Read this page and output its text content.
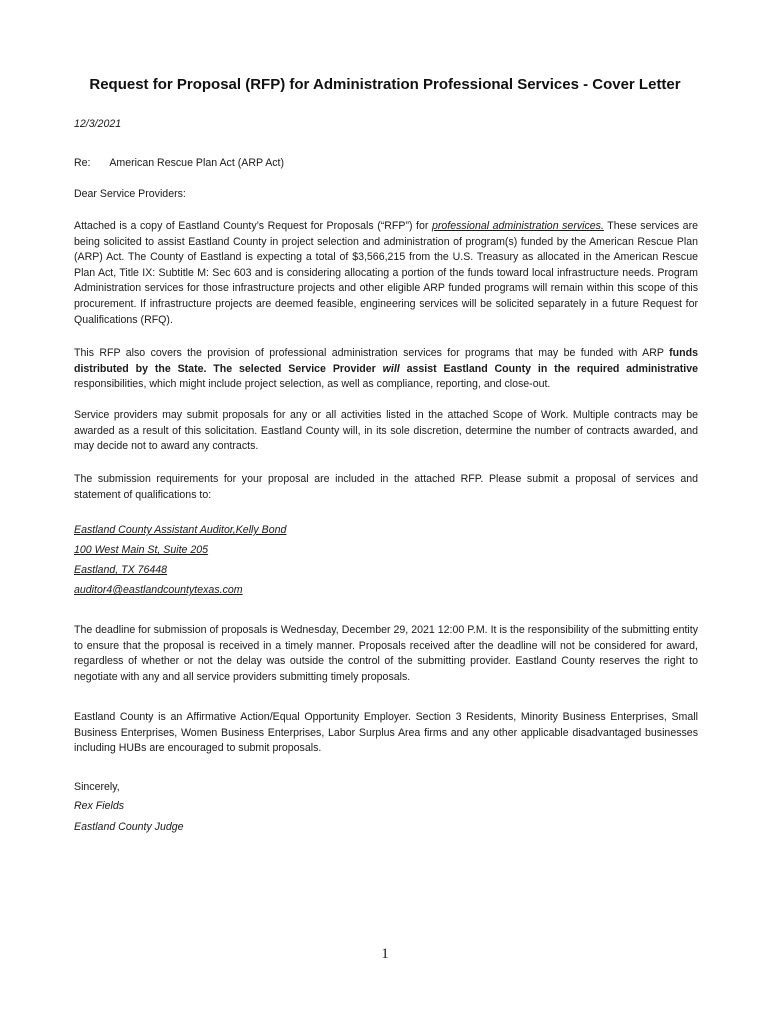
Request for Proposal (RFP) for Administration Professional Services - Cover Letter
12/3/2021
Re: American Rescue Plan Act (ARP Act)
Dear Service Providers:

Attached is a copy of Eastland County’s Request for Proposals (“RFP”) for professional administration services. These services are being solicited to assist Eastland County in project selection and administration of program(s) funded by the American Rescue Plan (ARP) Act. The County of Eastland is expecting a total of $3,566,215 from the U.S. Treasury as allocated in the American Rescue Plan Act, Title IX: Subtitle M: Sec 603 and is considering allocating a portion of the funds toward local infrastructure needs. Program Administration services for those infrastructure projects and other eligible ARP funded programs will remain within this scope of this procurement. If infrastructure projects are deemed feasible, engineering services will be solicited separately in a future Request for Qualifications (RFQ).

This RFP also covers the provision of professional administration services for programs that may be funded with ARP funds distributed by the State. The selected Service Provider will assist Eastland County in the required administrative responsibilities, which might include project selection, as well as compliance, reporting, and close-out.

Service providers may submit proposals for any or all activities listed in the attached Scope of Work. Multiple contracts may be awarded as a result of this solicitation. Eastland County will, in its sole discretion, determine the number of contracts awarded, and may decide not to award any contracts.

The submission requirements for your proposal are included in the attached RFP. Please submit a proposal of services and statement of qualifications to:

Eastland County Assistant Auditor,Kelly Bond
100 West Main St, Suite 205
Eastland, TX 76448
auditor4@eastlandcountytexas.com

The deadline for submission of proposals is Wednesday, December 29, 2021 12:00 P.M. It is the responsibility of the submitting entity to ensure that the proposal is received in a timely manner. Proposals received after the deadline will not be considered for award, regardless of whether or not the delay was outside the control of the submitting provider. Eastland County reserves the right to negotiate with any and all service providers submitting timely proposals.

Eastland County is an Affirmative Action/Equal Opportunity Employer. Section 3 Residents, Minority Business Enterprises, Small Business Enterprises, Women Business Enterprises, Labor Surplus Area firms and any other applicable disadvantaged businesses including HUBs are encouraged to submit proposals.

Sincerely,
Rex Fields
Eastland County Judge
1
